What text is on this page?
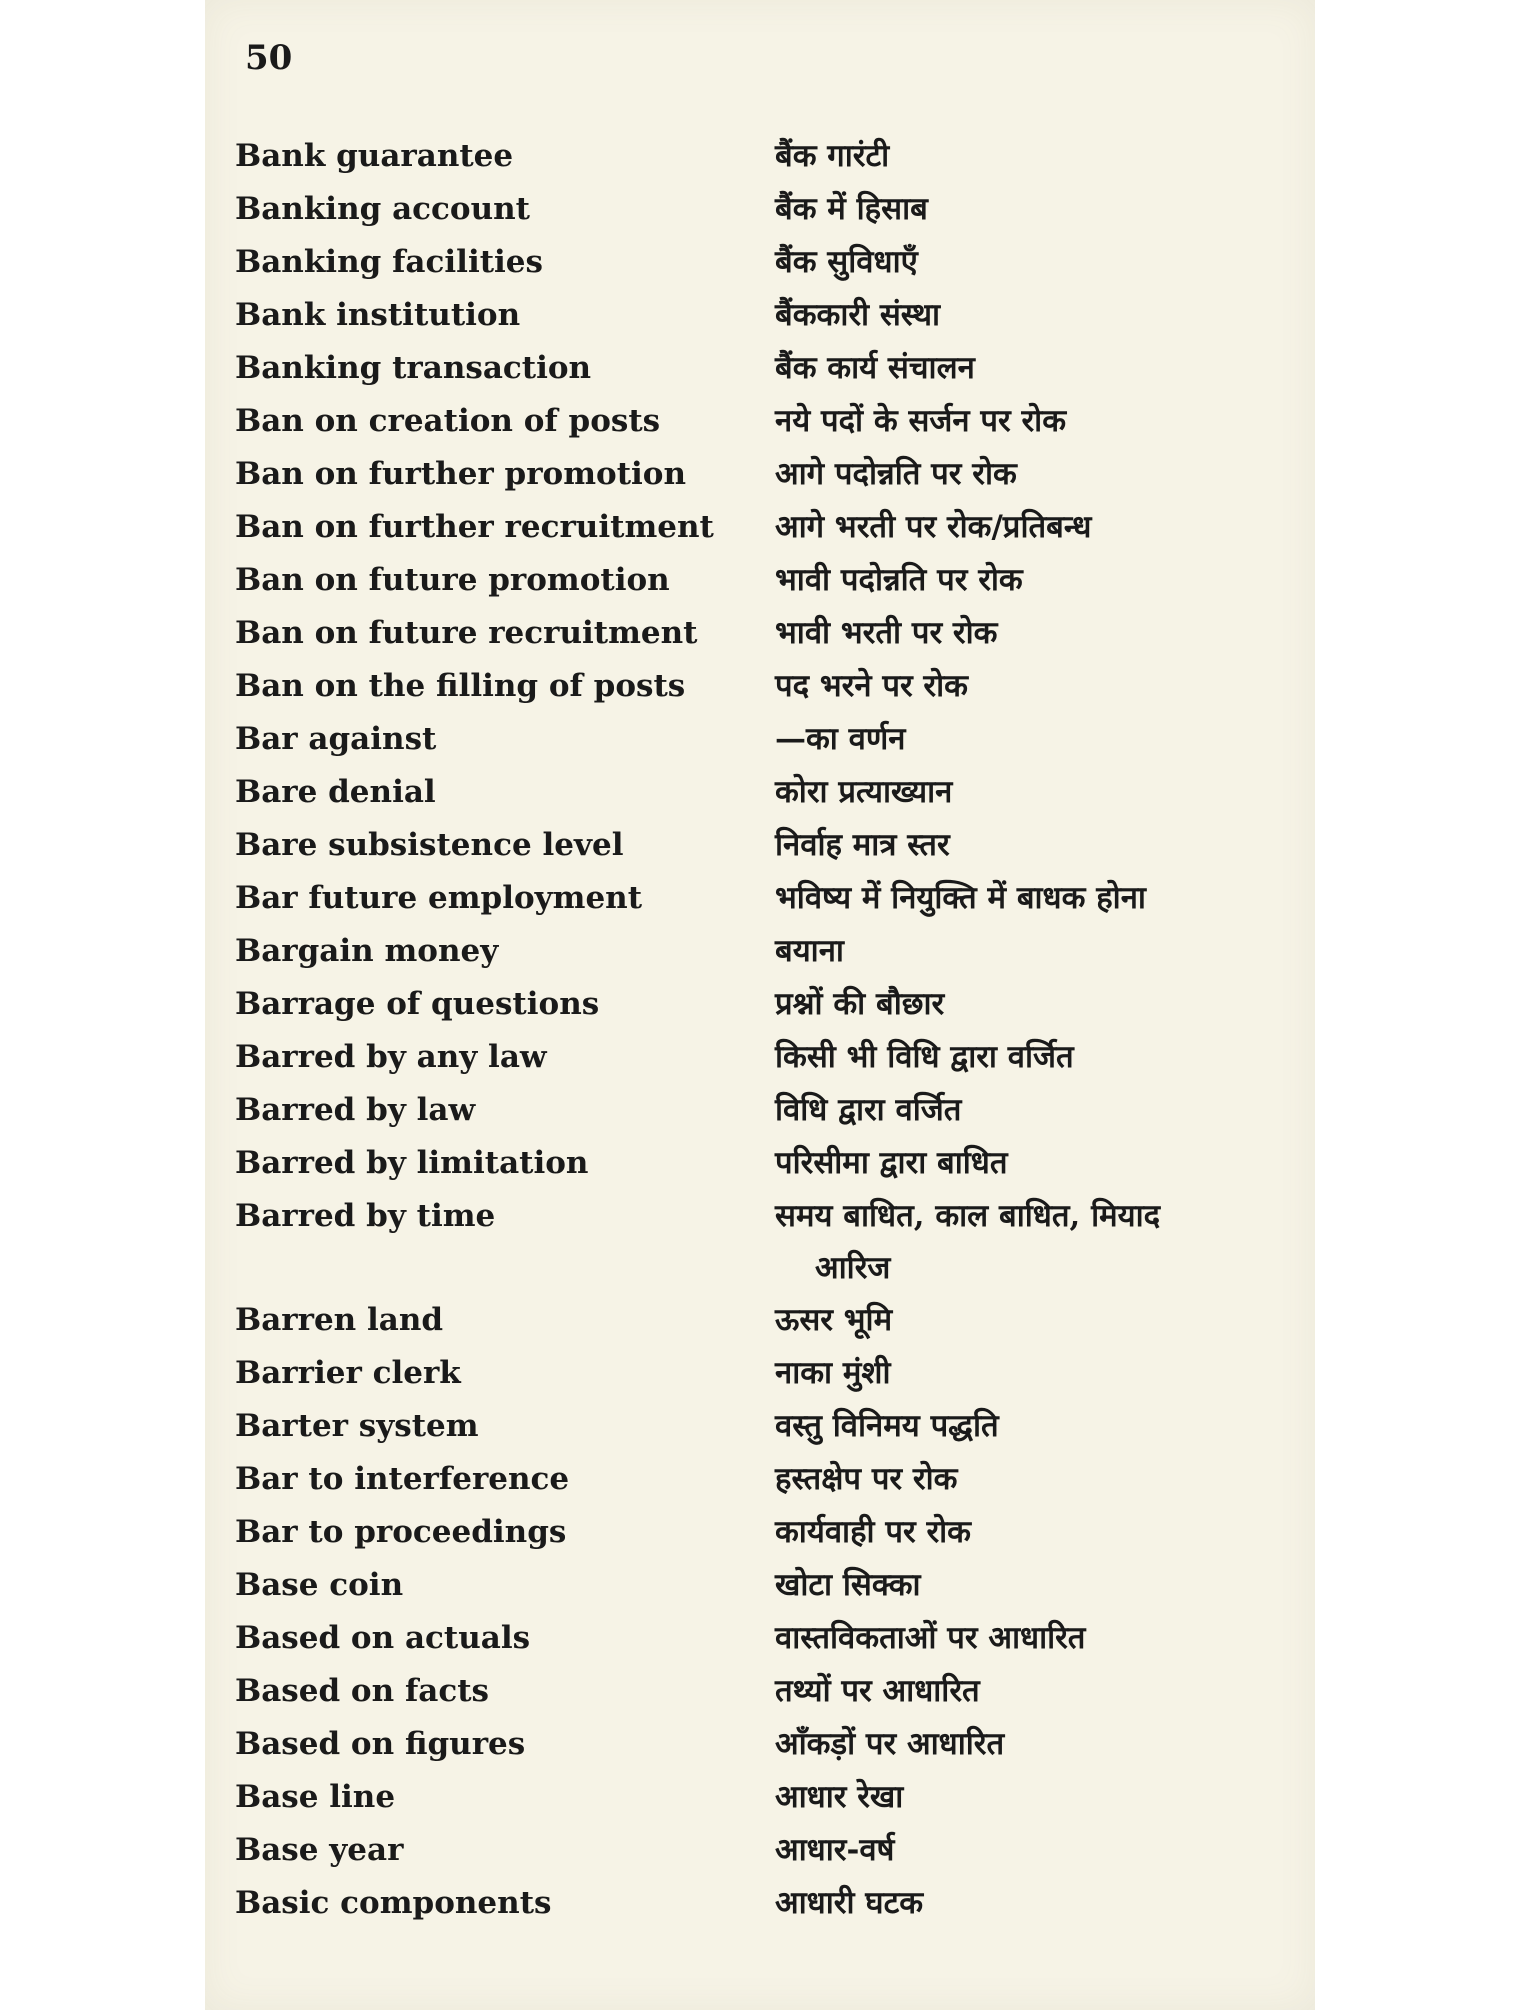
50
Bank guarantee	बैंक गारंटी
Banking account	बैंक में हिसाब
Banking facilities	बैंक सुविधाएँ
Bank institution	बैंककारी संस्था
Banking transaction	बैंक कार्य संचालन
Ban on creation of posts	नये पदों के सर्जन पर रोक
Ban on further promotion	आगे पदोन्नति पर रोक
Ban on further recruitment	आगे भरती पर रोक/प्रतिबन्ध
Ban on future promotion	भावी पदोन्नति पर रोक
Ban on future recruitment	भावी भरती पर रोक
Ban on the filling of posts	पद भरने पर रोक
Bar against	—का वर्णन
Bare denial	कोरा प्रत्याख्यान
Bare subsistence level	निर्वाह मात्र स्तर
Bar future employment	भविष्य में नियुक्ति में बाधक होना
Bargain money	बयाना
Barrage of questions	प्रश्नों की बौछार
Barred by any law	किसी भी विधि द्वारा वर्जित
Barred by law	विधि द्वारा वर्जित
Barred by limitation	परिसीमा द्वारा बाधित
Barred by time	समय बाधित, काल बाधित, मियाद
आरिज
Barren land	ऊसर भूमि
Barrier clerk	नाका मुंशी
Barter system	वस्तु विनिमय पद्धति
Bar to interference	हस्तक्षेप पर रोक
Bar to proceedings	कार्यवाही पर रोक
Base coin	खोटा सिक्का
Based on actuals	वास्तविकताओं पर आधारित
Based on facts	तथ्यों पर आधारित
Based on figures	आँकड़ों पर आधारित
Base line	आधार रेखा
Base year	आधार-वर्ष
Basic components	आधारी घटक
